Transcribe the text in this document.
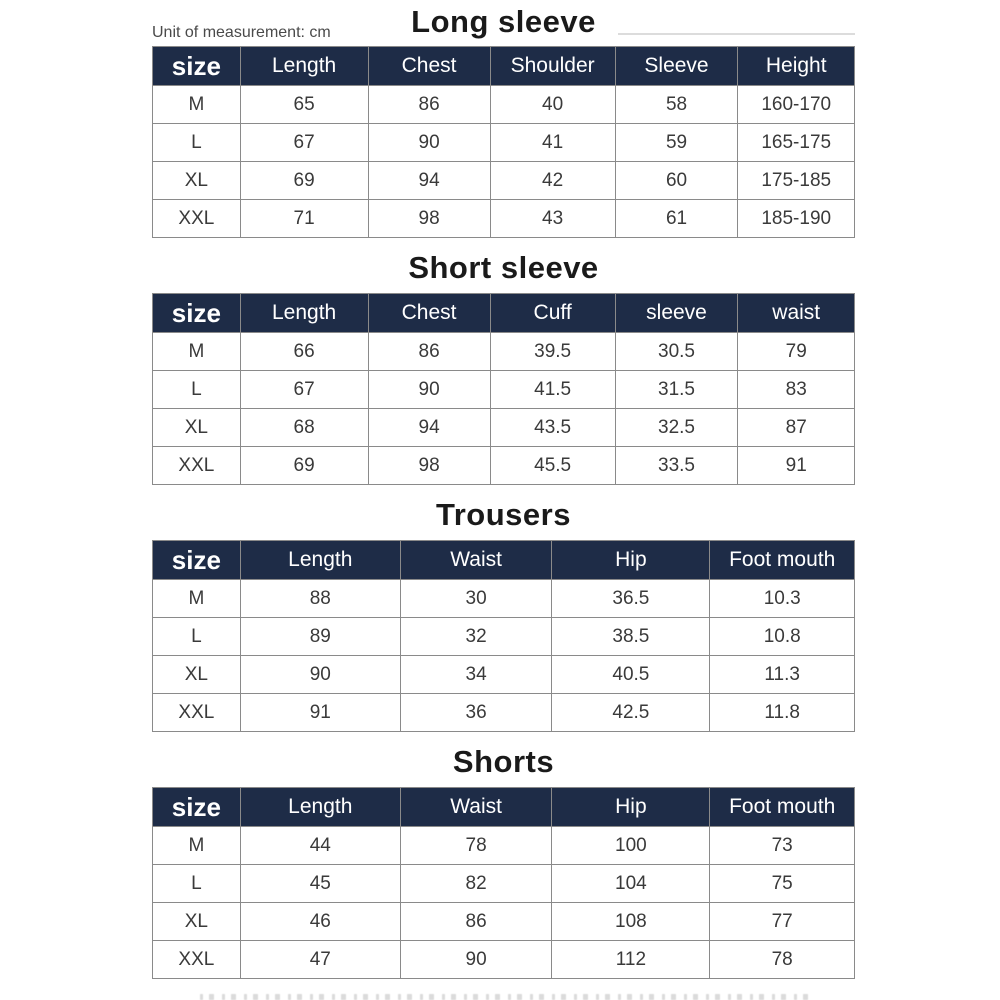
Long sleeve
Unit of measurement: cm
size	Length	Chest	Shoulder	Sleeve	Height
M	65	86	40	58	160-170
L	67	90	41	59	165-175
XL	69	94	42	60	175-185
XXL	71	98	43	61	185-190
Short sleeve
size	Length	Chest	Cuff	sleeve	waist
M	66	86	39.5	30.5	79
L	67	90	41.5	31.5	83
XL	68	94	43.5	32.5	87
XXL	69	98	45.5	33.5	91
Trousers
size	Length	Waist	Hip	Foot mouth
M	88	30	36.5	10.3
L	89	32	38.5	10.8
XL	90	34	40.5	11.3
XXL	91	36	42.5	11.8
Shorts
size	Length	Waist	Hip	Foot mouth
M	44	78	100	73
L	45	82	104	75
XL	46	86	108	77
XXL	47	90	112	78
